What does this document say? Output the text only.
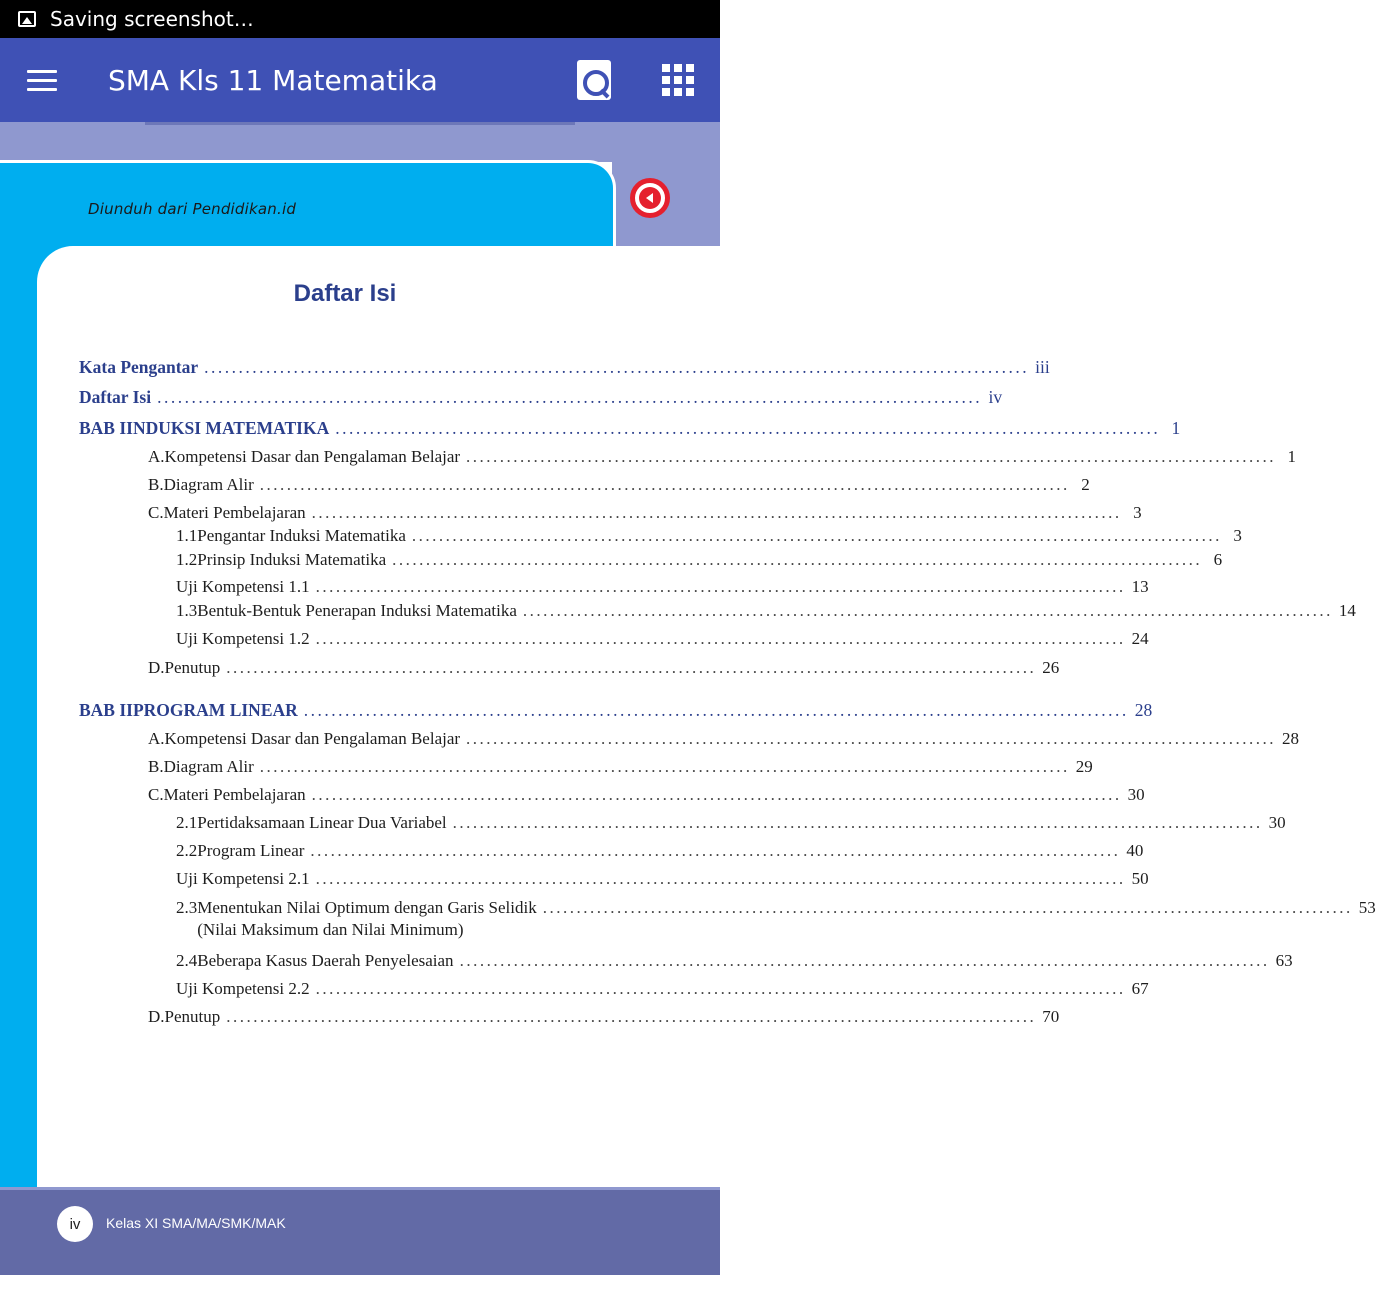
Saving screenshot…
SMA Kls 11 Matematika
Diunduh dari Pendidikan.id
Daftar Isi
Kata Pengantar ........................................................................................................................ iii
Daftar Isi ........................................................................................................................ iv
BAB I INDUKSI MATEMATIKA ........................................................................................................................ 1
A. Kompetensi Dasar dan Pengalaman Belajar ........................................................................................................................ 1
B. Diagram Alir ........................................................................................................................ 2
C. Materi Pembelajaran ........................................................................................................................ 3
1.1 Pengantar Induksi Matematika ........................................................................................................................ 3
1.2 Prinsip Induksi Matematika ........................................................................................................................ 6
Uji Kompetensi 1.1 ........................................................................................................................ 13
1.3 Bentuk-Bentuk Penerapan Induksi Matematika ........................................................................................................................ 14
Uji Kompetensi 1.2 ........................................................................................................................ 24
D. Penutup ........................................................................................................................ 26
BAB II PROGRAM LINEAR ........................................................................................................................ 28
A. Kompetensi Dasar dan Pengalaman Belajar ........................................................................................................................ 28
B. Diagram Alir ........................................................................................................................ 29
C. Materi Pembelajaran ........................................................................................................................ 30
2.1 Pertidaksamaan Linear Dua Variabel ........................................................................................................................ 30
2.2 Program Linear ........................................................................................................................ 40
Uji Kompetensi 2.1 ........................................................................................................................ 50
2.3 Menentukan Nilai Optimum dengan Garis Selidik
(Nilai Maksimum dan Nilai Minimum)
........................................................................................................................ 53
2.4 Beberapa Kasus Daerah Penyelesaian ........................................................................................................................ 63
Uji Kompetensi 2.2 ........................................................................................................................ 67
D. Penutup ........................................................................................................................ 70
iv	Kelas XI SMA/MA/SMK/MAK
